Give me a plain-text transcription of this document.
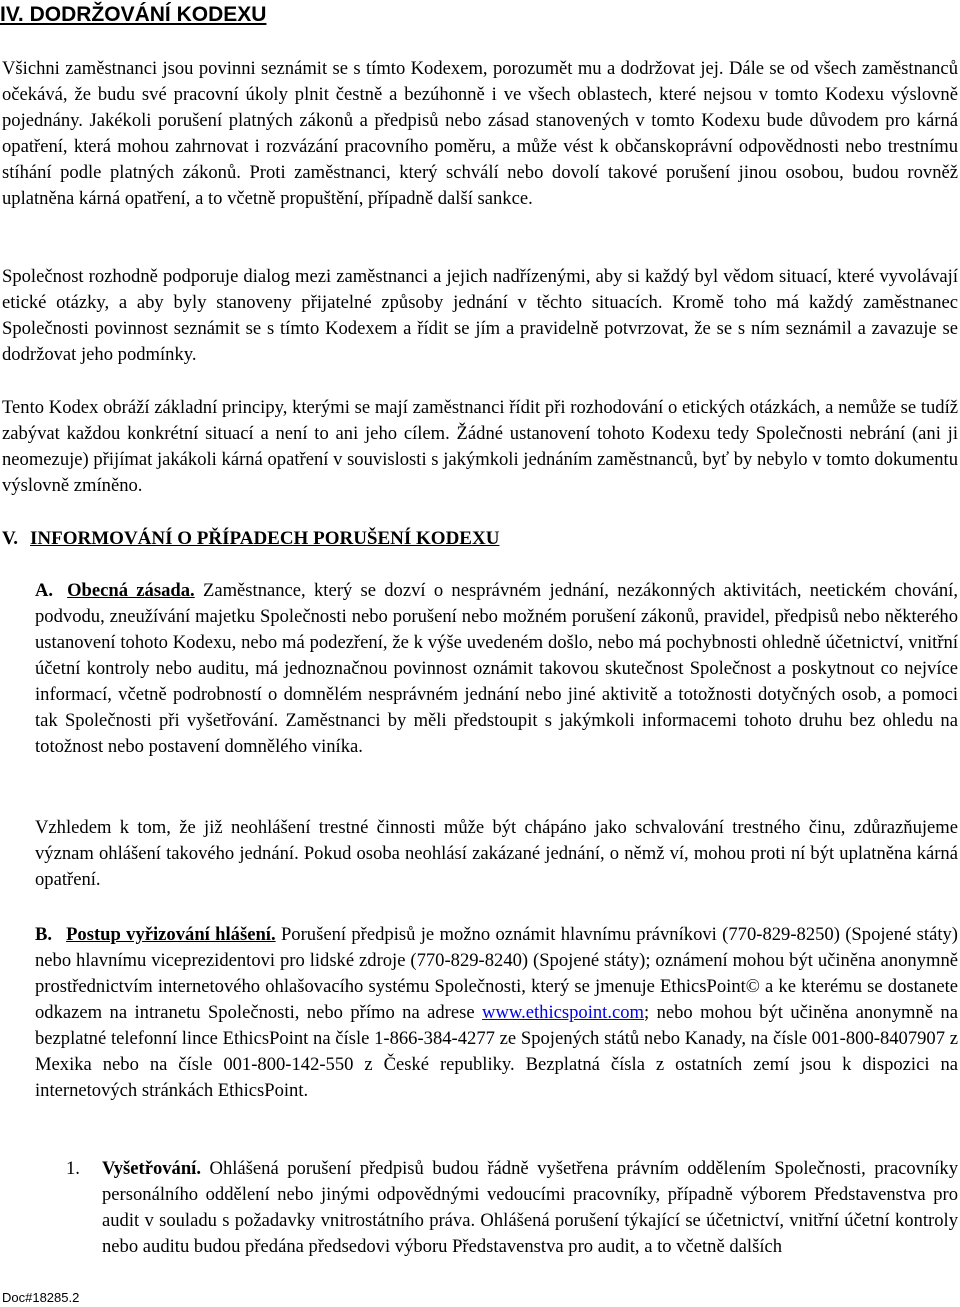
IV. DODRŽOVÁNÍ KODEXU

Všichni zaměstnanci jsou povinni seznámit se s tímto Kodexem, porozumět mu a dodržovat jej. Dále se od všech zaměstnanců očekává, že budu své pracovní úkoly plnit čestně a bezúhonně i ve všech oblastech, které nejsou v tomto Kodexu výslovně pojednány. Jakékoli porušení platných zákonů a předpisů nebo zásad stanovených v tomto Kodexu bude důvodem pro kárná opatření, která mohou zahrnovat i rozvázání pracovního poměru, a může vést k občanskoprávní odpovědnosti nebo trestnímu stíhání podle platných zákonů. Proti zaměstnanci, který schválí nebo dovolí takové porušení jinou osobou, budou rovněž uplatněna kárná opatření, a to včetně propuštění, případně další sankce.

Společnost rozhodně podporuje dialog mezi zaměstnanci a jejich nadřízenými, aby si každý byl vědom situací, které vyvolávají etické otázky, a aby byly stanoveny přijatelné způsoby jednání v těchto situacích. Kromě toho má každý zaměstnanec Společnosti povinnost seznámit se s tímto Kodexem a řídit se jím a pravidelně potvrzovat, že se s ním seznámil a zavazuje se dodržovat jeho podmínky.

Tento Kodex obráží základní principy, kterými se mají zaměstnanci řídit při rozhodování o etických otázkách, a nemůže se tudíž zabývat každou konkrétní situací a není to ani jeho cílem. Žádné ustanovení tohoto Kodexu tedy Společnosti nebrání (ani ji neomezuje) přijímat jakákoli kárná opatření v souvislosti s jakýmkoli jednáním zaměstnanců, byť by nebylo v tomto dokumentu výslovně zmíněno.

V. INFORMOVÁNÍ O PŘÍPADECH PORUŠENÍ KODEXU

A. Obecná zásada. Zaměstnance, který se dozví o nesprávném jednání, nezákonných aktivitách, neetickém chování, podvodu, zneužívání majetku Společnosti nebo porušení nebo možném porušení zákonů, pravidel, předpisů nebo některého ustanovení tohoto Kodexu, nebo má podezření, že k výše uvedeném došlo, nebo má pochybnosti ohledně účetnictví, vnitřní účetní kontroly nebo auditu, má jednoznačnou povinnost oznámit takovou skutečnost Společnost a poskytnout co nejvíce informací, včetně podrobností o domnělém nesprávném jednání nebo jiné aktivitě a totožnosti dotyčných osob, a pomoci tak Společnosti při vyšetřování. Zaměstnanci by měli předstoupit s jakýmkoli informacemi tohoto druhu bez ohledu na totožnost nebo postavení domnělého viníka.

Vzhledem k tom, že již neohlášení trestné činnosti může být chápáno jako schvalování trestného činu, zdůrazňujeme význam ohlášení takového jednání. Pokud osoba neohlásí zakázané jednání, o němž ví, mohou proti ní být uplatněna kárná opatření.

B. Postup vyřizování hlášení. Porušení předpisů je možno oznámit hlavnímu právníkovi (770-829-8250) (Spojené státy) nebo hlavnímu viceprezidentovi pro lidské zdroje (770-829-8240) (Spojené státy); oznámení mohou být učiněna anonymně prostřednictvím internetového ohlašovacího systému Společnosti, který se jmenuje EthicsPoint© a ke kterému se dostanete odkazem na intranetu Společnosti, nebo přímo na adrese www.ethicspoint.com; nebo mohou být učiněna anonymně na bezplatné telefonní lince EthicsPoint na čísle 1-866-384-4277 ze Spojených států nebo Kanady, na čísle 001-800-8407907 z Mexika nebo na čísle 001-800-142-550 z České republiky. Bezplatná čísla z ostatních zemí jsou k dispozici na internetových stránkách EthicsPoint.

1. Vyšetřování. Ohlášená porušení předpisů budou řádně vyšetřena právním oddělením Společnosti, pracovníky personálního oddělení nebo jinými odpovědnými vedoucími pracovníky, případně výborem Představenstva pro audit v souladu s požadavky vnitrostátního práva. Ohlášená porušení týkající se účetnictví, vnitřní účetní kontroly nebo auditu budou předána předsedovi výboru Představenstva pro audit, a to včetně dalších

Doc#18285.2
